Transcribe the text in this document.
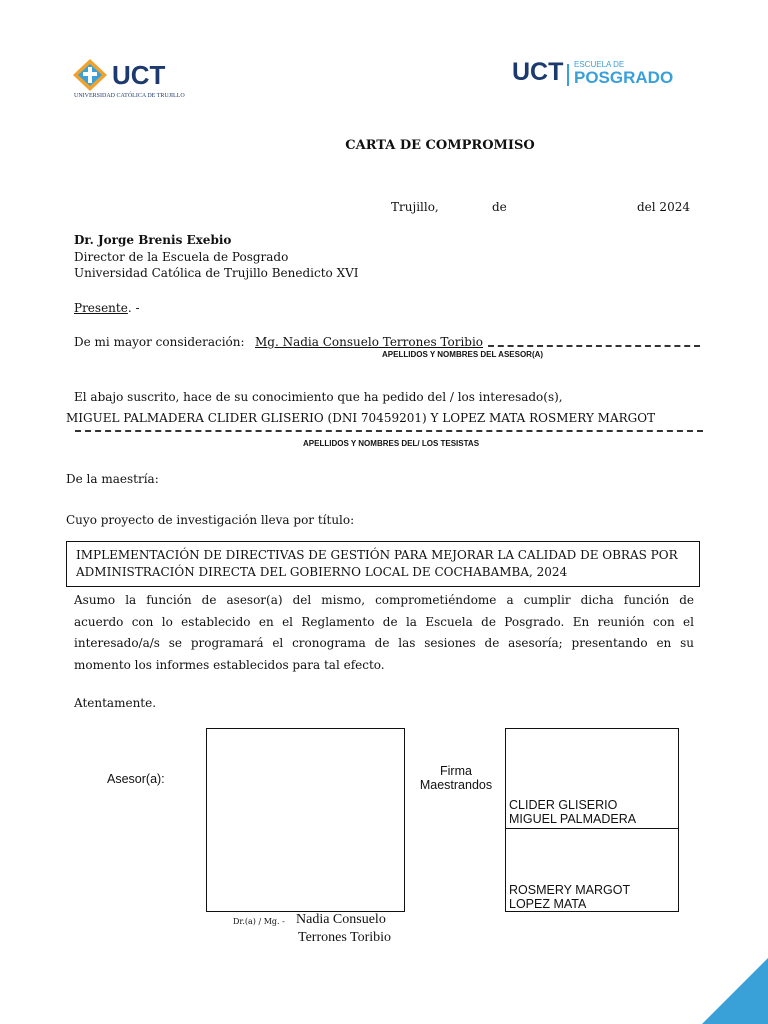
UCT
UNIVERSIDAD CATÓLICA DE TRUJILLO
UCT ESCUELA DE
POSGRADO
CARTA DE COMPROMISO
Trujillo,	de	del 2024
Dr. Jorge Brenis Exebio
Director de la Escuela de Posgrado
Universidad Católica de Trujillo Benedicto XVI
Presente. -
De mi mayor consideración: Mg. Nadia Consuelo Terrones Toribio
APELLIDOS Y NOMBRES DEL ASESOR(A)
El abajo suscrito, hace de su conocimiento que ha pedido del / los interesado(s),
MIGUEL PALMADERA CLIDER GLISERIO (DNI 70459201) Y LOPEZ MATA ROSMERY MARGOT
APELLIDOS Y NOMBRES DEL/ LOS TESISTAS
De la maestría:
Cuyo proyecto de investigación lleva por título:
IMPLEMENTACIÓN DE DIRECTIVAS DE GESTIÓN PARA MEJORAR LA CALIDAD DE OBRAS POR
ADMINISTRACIÓN DIRECTA DEL GOBIERNO LOCAL DE COCHABAMBA, 2024
Asumo la función de asesor(a) del mismo, comprometiéndome a cumplir dicha función de
acuerdo con lo establecido en el Reglamento de la Escuela de Posgrado. En reunión con el
interesado/a/s se programará el cronograma de las sesiones de asesoría; presentando en su
momento los informes establecidos para tal efecto.
Atentamente.
Asesor(a):
Firma
Maestrandos
CLIDER GLISERIO
MIGUEL PALMADERA
ROSMERY MARGOT
LOPEZ MATA
Dr.(a) / Mg. - Nadia Consuelo
Terrones Toribio
